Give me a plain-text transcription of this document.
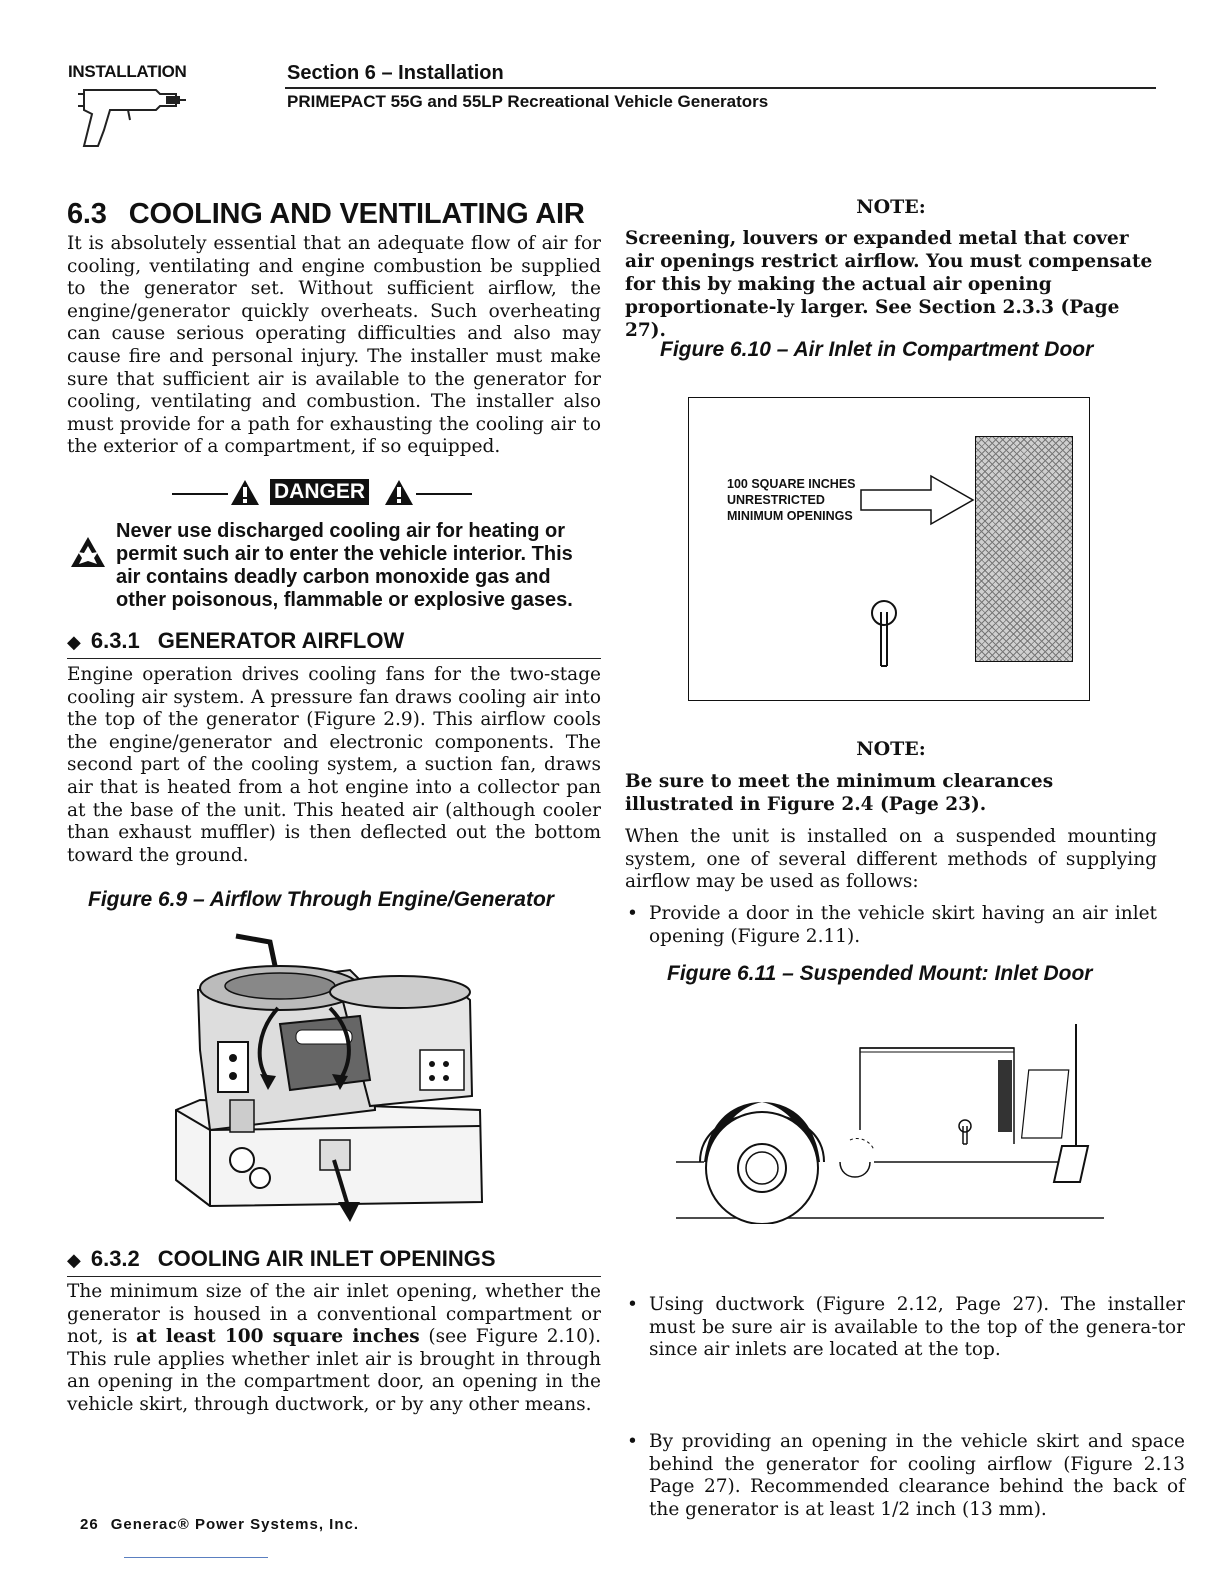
INSTALLATION	Section 6 – Installation
PRIMEPACT 55G and 55LP Recreational Vehicle Generators
6.3 COOLING AND VENTILATING AIR
It is absolutely essential that an adequate flow of air for cooling, ventilating and engine combustion be supplied to the generator set. Without sufficient airflow, the engine/generator quickly overheats. Such overheating can cause serious operating difficulties and also may cause fire and personal injury. The installer must make sure that sufficient air is available to the generator for cooling, ventilating and combustion. The installer also must provide for a path for exhausting the cooling air to the exterior of a compartment, if so equipped.
DANGER
Never use discharged cooling air for heating or permit such air to enter the vehicle interior. This air contains deadly carbon monoxide gas and other poisonous, flammable or explosive gases.
◆ 6.3.1 GENERATOR AIRFLOW
Engine operation drives cooling fans for the two-stage cooling air system. A pressure fan draws cooling air into the top of the generator (Figure 2.9). This airflow cools the engine/generator and electronic components. The second part of the cooling system, a suction fan, draws air that is heated from a hot engine into a collector pan at the base of the unit. This heated air (although cooler than exhaust muffler) is then deflected out the bottom toward the ground.
Figure 6.9 – Airflow Through Engine/Generator
◆ 6.3.2 COOLING AIR INLET OPENINGS
The minimum size of the air inlet opening, whether the generator is housed in a conventional compartment or not, is at least 100 square inches (see Figure 2.10). This rule applies whether inlet air is brought in through an opening in the compartment door, an opening in the vehicle skirt, through ductwork, or by any other means.
NOTE:
Screening, louvers or expanded metal that cover air openings restrict airflow. You must compensate for this by making the actual air opening proportionate-ly larger. See Section 2.3.3 (Page 27).
Figure 6.10 – Air Inlet in Compartment Door
100 SQUARE INCHES
UNRESTRICTED
MINIMUM OPENINGS
NOTE:
Be sure to meet the minimum clearances illustrated in Figure 2.4 (Page 23).
When the unit is installed on a suspended mounting system, one of several different methods of supplying airflow may be used as follows:
• Provide a door in the vehicle skirt having an air inlet opening (Figure 2.11).
Figure 6.11 – Suspended Mount: Inlet Door
• Using ductwork (Figure 2.12, Page 27). The installer must be sure air is available to the top of the genera-tor since air inlets are located at the top.
• By providing an opening in the vehicle skirt and space behind the generator for cooling airflow (Figure 2.13 Page 27). Recommended clearance behind the back of the generator is at least 1/2 inch (13 mm).
26 Generac® Power Systems, Inc.
